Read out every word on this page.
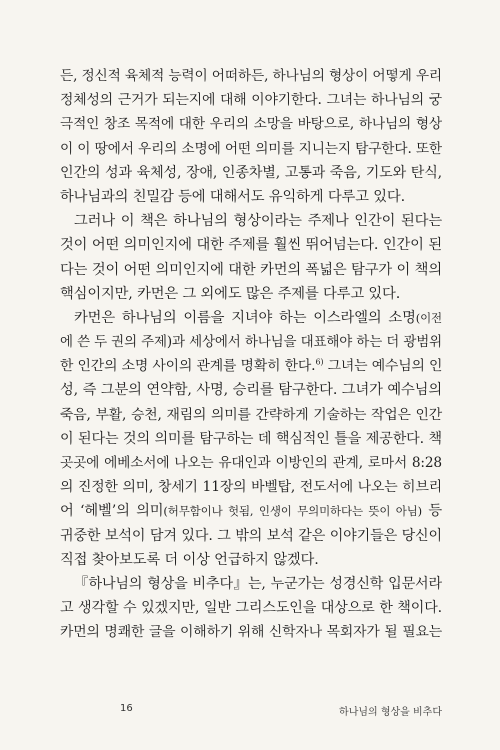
든, 정신적 육체적 능력이 어떠하든, 하나님의 형상이 어떻게 우리
정체성의 근거가 되는지에 대해 이야기한다. 그녀는 하나님의 궁
극적인 창조 목적에 대한 우리의 소망을 바탕으로, 하나님의 형상
이 이 땅에서 우리의 소명에 어떤 의미를 지니는지 탐구한다. 또한
인간의 성과 육체성, 장애, 인종차별, 고통과 죽음, 기도와 탄식,
하나님과의 친밀감 등에 대해서도 유익하게 다루고 있다.

그러나 이 책은 하나님의 형상이라는 주제나 인간이 된다는
것이 어떤 의미인지에 대한 주제를 훨씬 뛰어넘는다. 인간이 된
다는 것이 어떤 의미인지에 대한 카먼의 폭넓은 탐구가 이 책의
핵심이지만, 카먼은 그 외에도 많은 주제를 다루고 있다.

카먼은 하나님의 이름을 지녀야 하는 이스라엘의 소명(이전
에 쓴 두 권의 주제)과 세상에서 하나님을 대표해야 하는 더 광범위
한 인간의 소명 사이의 관계를 명확히 한다.$^{6)}$ 그녀는 예수님의 인
성, 즉 그분의 연약함, 사명, 승리를 탐구한다. 그녀가 예수님의
죽음, 부활, 승천, 재림의 의미를 간략하게 기술하는 작업은 인간
이 된다는 것의 의미를 탐구하는 데 핵심적인 틀을 제공한다. 책
곳곳에 에베소서에 나오는 유대인과 이방인의 관계, 로마서 8:28
의 진정한 의미, 창세기 11장의 바벨탑, 전도서에 나오는 히브리
어 ‘헤벨’의 의미(허무함이나 헛됨, 인생이 무의미하다는 뜻이 아님) 등
귀중한 보석이 담겨 있다. 그 밖의 보석 같은 이야기들은 당신이
직접 찾아보도록 더 이상 언급하지 않겠다.

『하나님의 형상을 비추다』는, 누군가는 성경신학 입문서라
고 생각할 수 있겠지만, 일반 그리스도인을 대상으로 한 책이다.
카먼의 명쾌한 글을 이해하기 위해 신학자나 목회자가 될 필요는

16	하나님의 형상을 비추다
